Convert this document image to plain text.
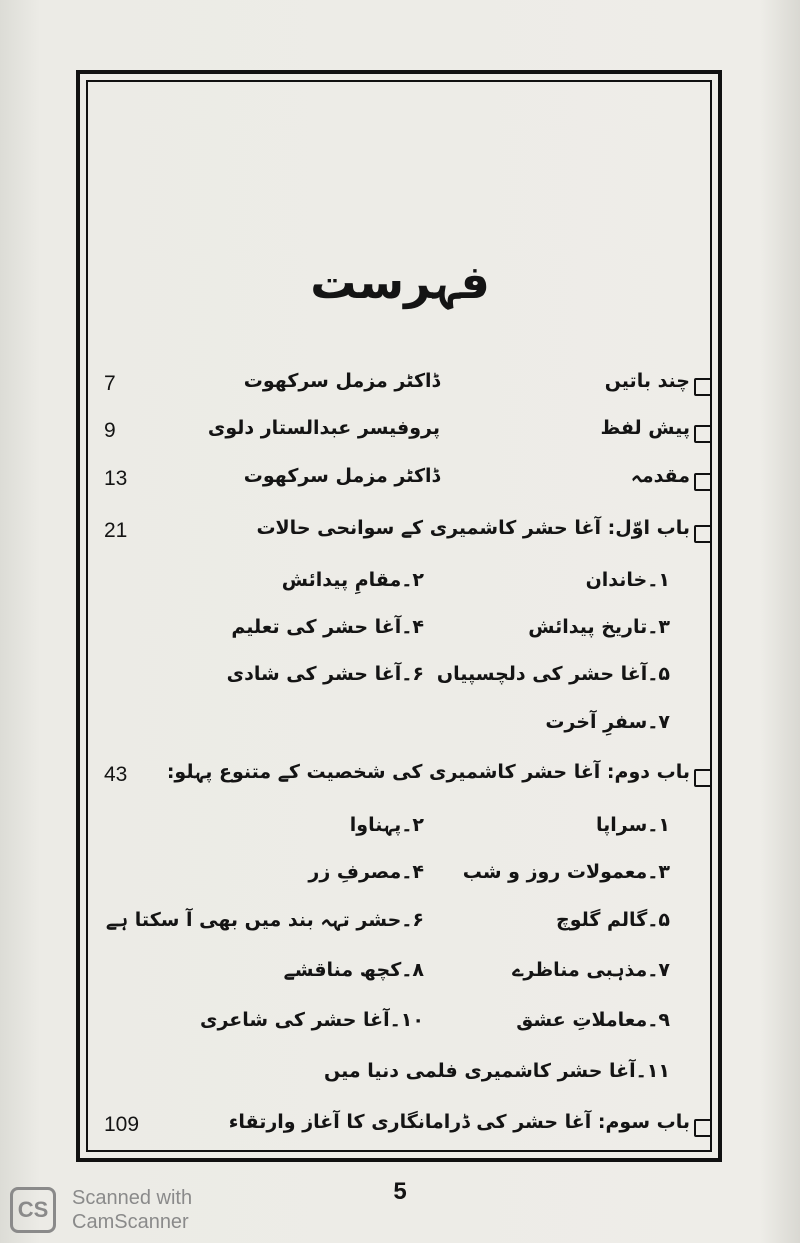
فہرست
چند باتیں
ڈاکٹر مزمل سرکھوت
7
پیش لفظ
پروفیسر عبدالستار دلوی
9
مقدمہ
ڈاکٹر مزمل سرکھوت
13
باب اوّل: آغا حشر کاشمیری کے سوانحی حالات
21
۱۔خاندان
۲۔مقامِ پیدائش
۳۔تاریخ پیدائش
۴۔آغا حشر کی تعلیم
۵۔آغا حشر کی دلچسپیاں
۶۔آغا حشر کی شادی
۷۔سفرِ آخرت
باب دوم: آغا حشر کاشمیری کی شخصیت کے متنوع پہلو:
43
۱۔سراپا
۲۔پہناوا
۳۔معمولات روز و شب
۴۔مصرفِ زر
۵۔گالم گلوچ
۶۔حشر تہہ بند میں بھی آ سکتا ہے
۷۔مذہبی مناظرے
۸۔کچھ مناقشے
۹۔معاملاتِ عشق
۱۰۔آغا حشر کی شاعری
۱۱۔آغا حشر کاشمیری فلمی دنیا میں
باب سوم: آغا حشر کی ڈرامانگاری کا آغاز وارتقاء
109
5
CS	Scanned with
CamScanner
